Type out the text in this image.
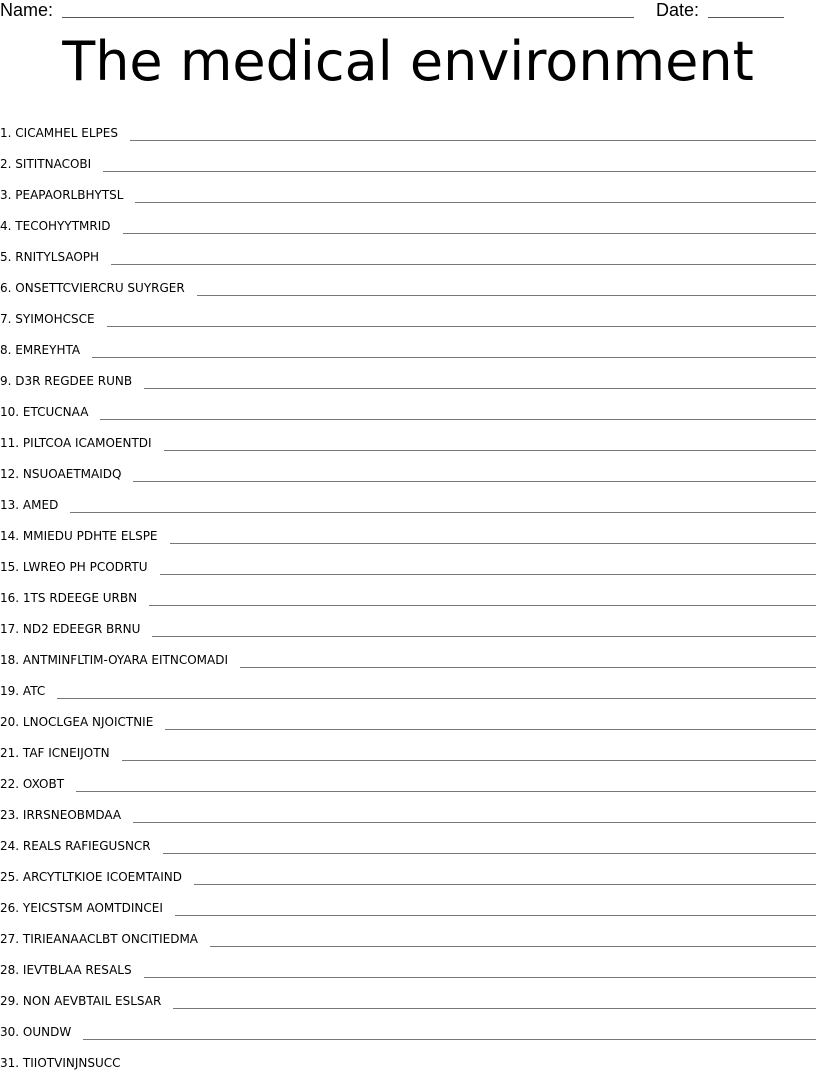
Name:	Date:
The medical environment
1. CICAMHEL ELPES
2. SITITNACOBI
3. PEAPAORLBHYTSL
4. TECOHYYTMRID
5. RNITYLSAOPH
6. ONSETTCVIERCRU SUYRGER
7. SYIMOHCSCE
8. EMREYHTA
9. D3R REGDEE RUNB
10. ETCUCNAA
11. PILTCOA ICAMOENTDI
12. NSUOAETMAIDQ
13. AMED
14. MMIEDU PDHTE ELSPE
15. LWREO PH PCODRTU
16. 1TS RDEEGE URBN
17. ND2 EDEEGR BRNU
18. ANTMINFLTIM-OYARA EITNCOMADI
19. ATC
20. LNOCLGEA NJOICTNIE
21. TAF ICNEIJOTN
22. OXOBT
23. IRRSNEOBMDAA
24. REALS RAFIEGUSNCR
25. ARCYTLTKIOE ICOEMTAIND
26. YEICSTSM AOMTDINCEI
27. TIRIEANAACLBT ONCITIEDMA
28. IEVTBLAA RESALS
29. NON AEVBTAIL ESLSAR
30. OUNDW
31. TIIOTVINJNSUCC
